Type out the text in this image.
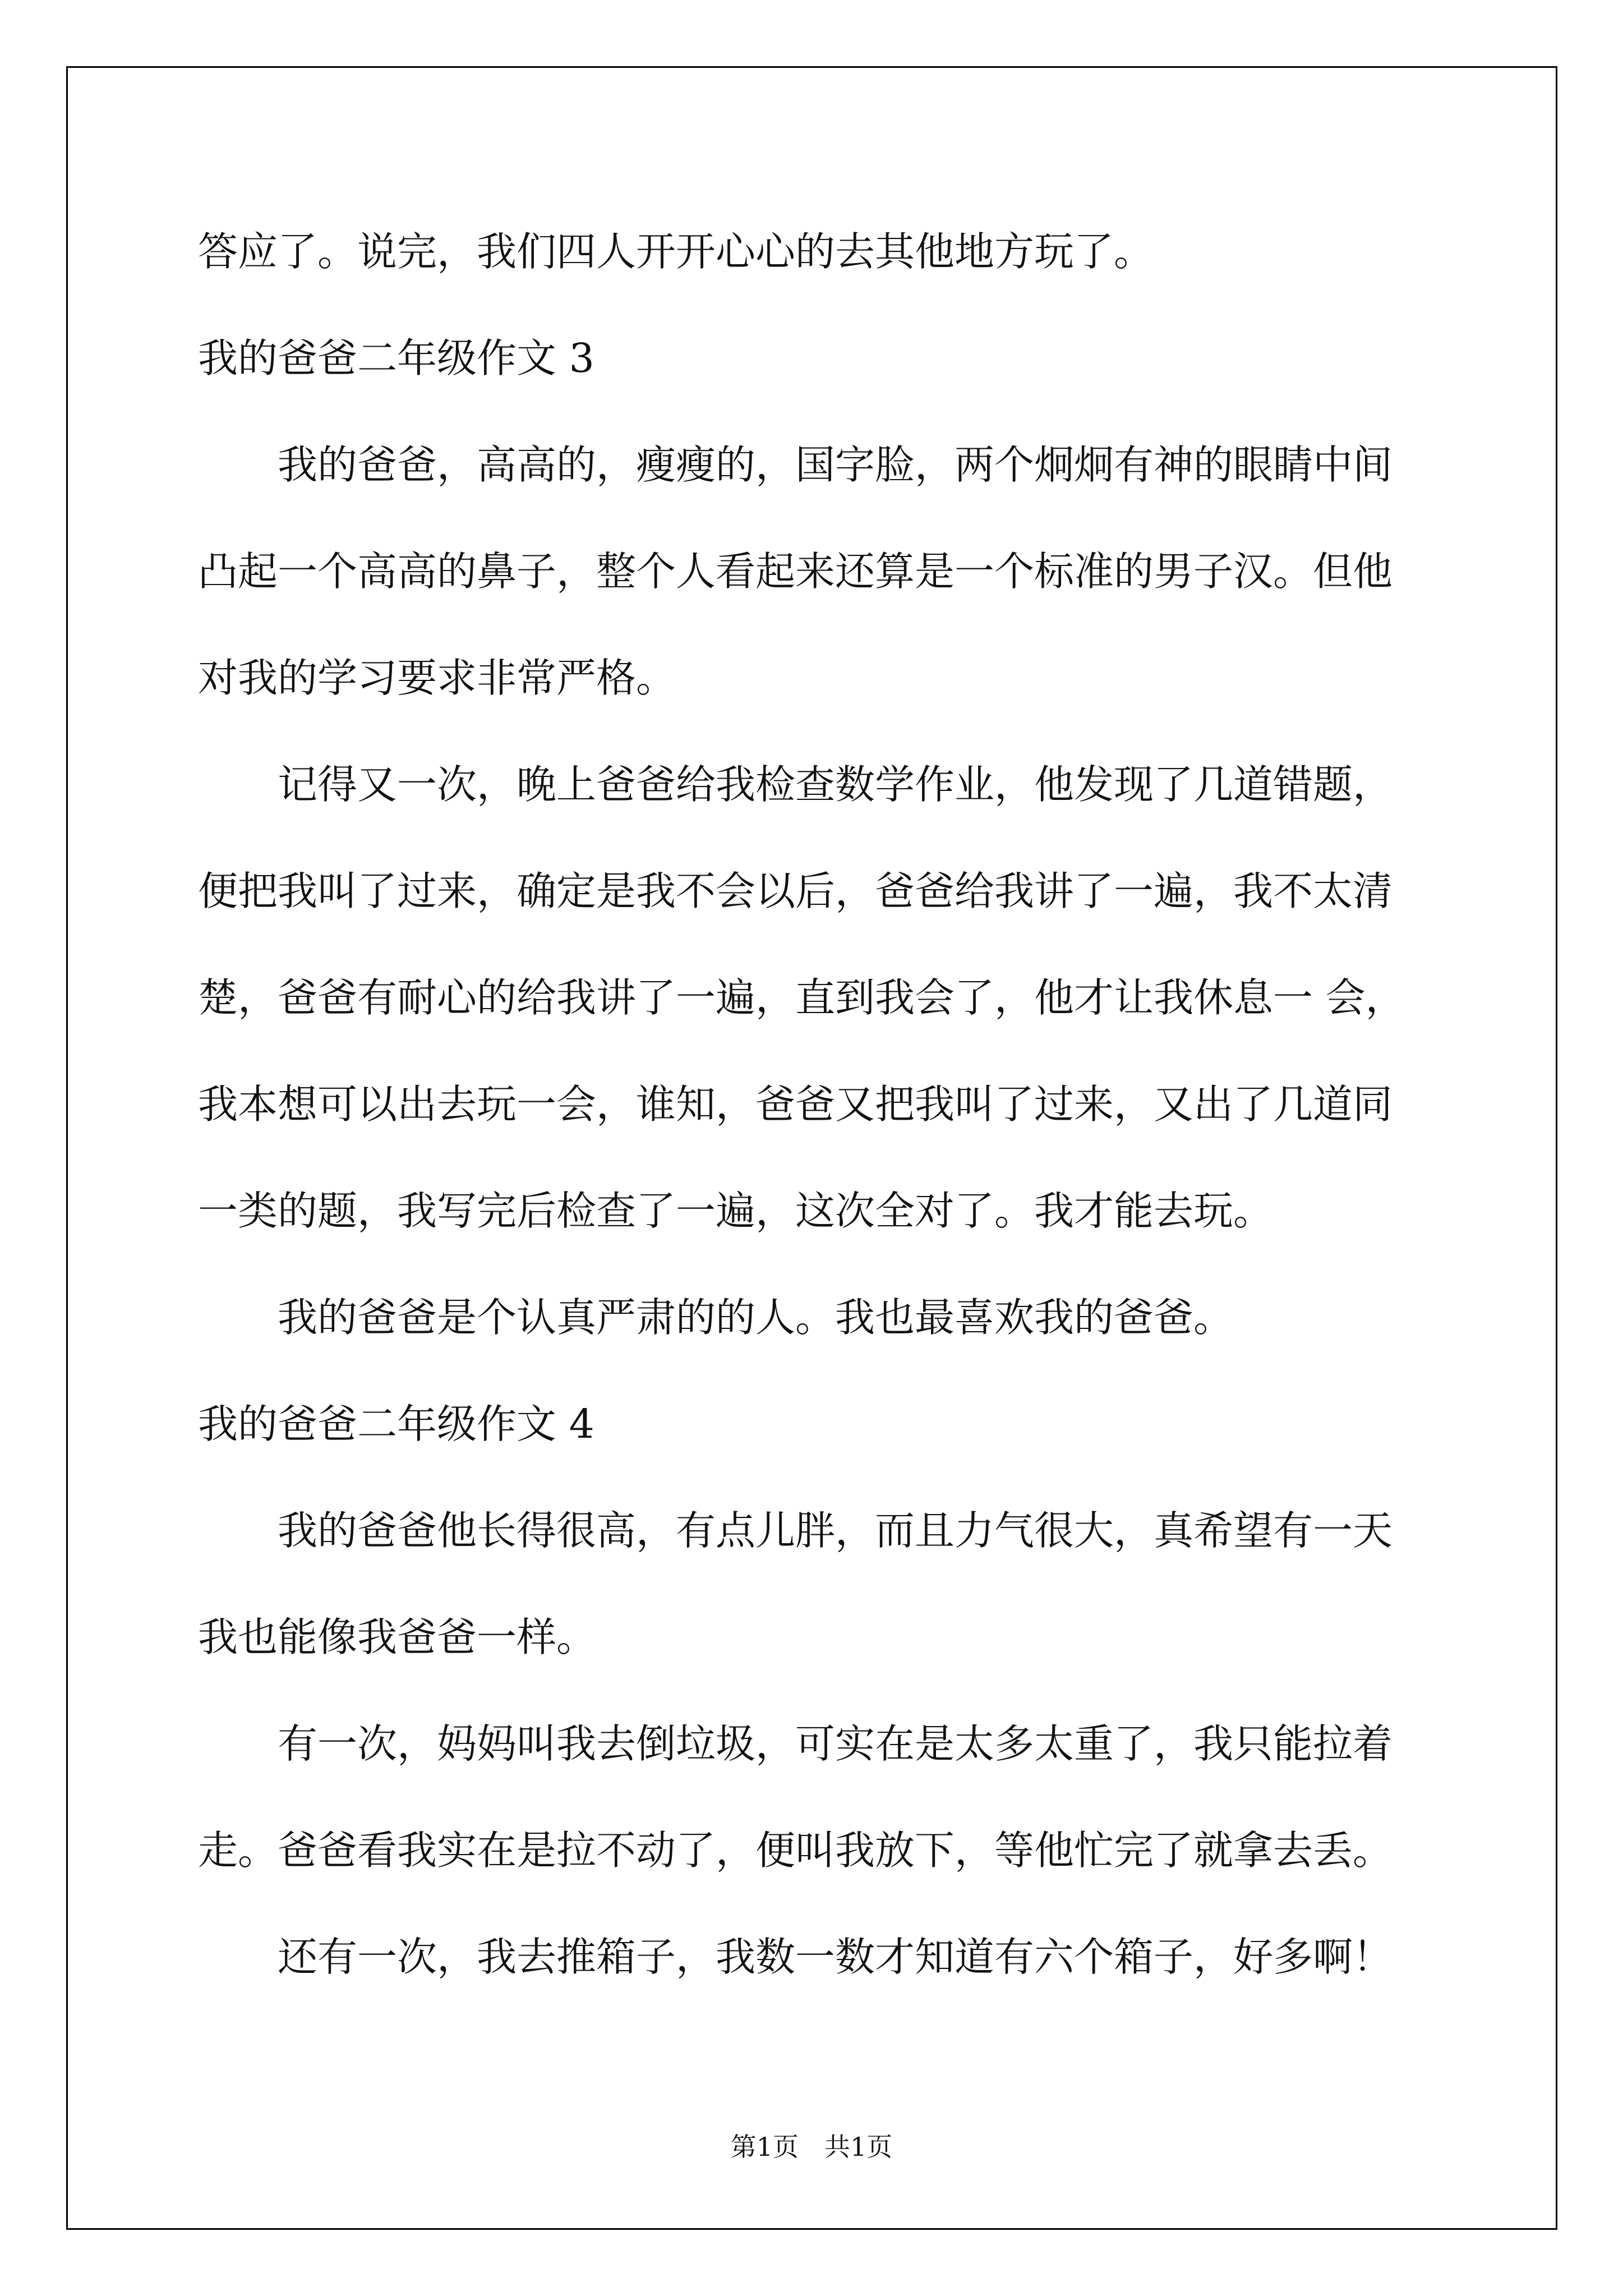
答应了。说完，我们四人开开心心的去其他地方玩了。
我的爸爸二年级作文 3
我的爸爸，高高的，瘦瘦的，国字脸，两个炯炯有神的眼睛中间
凸起一个高高的鼻子，整个人看起来还算是一个标准的男子汉。但他
对我的学习要求非常严格。
记得又一次，晚上爸爸给我检查数学作业，他发现了几道错题，
便把我叫了过来，确定是我不会以后，爸爸给我讲了一遍，我不太清
楚，爸爸有耐心的给我讲了一遍，直到我会了，他才让我休息一 会，
我本想可以出去玩一会，谁知，爸爸又把我叫了过来，又出了几道同
一类的题，我写完后检查了一遍，这次全对了。我才能去玩。
我的爸爸是个认真严肃的的人。我也最喜欢我的爸爸。
我的爸爸二年级作文 4
我的爸爸他长得很高，有点儿胖，而且力气很大，真希望有一天
我也能像我爸爸一样。
有一次，妈妈叫我去倒垃圾，可实在是太多太重了，我只能拉着
走。爸爸看我实在是拉不动了，便叫我放下，等他忙完了就拿去丢。
还有一次，我去推箱子，我数一数才知道有六个箱子，好多啊！
第1页　共1页
